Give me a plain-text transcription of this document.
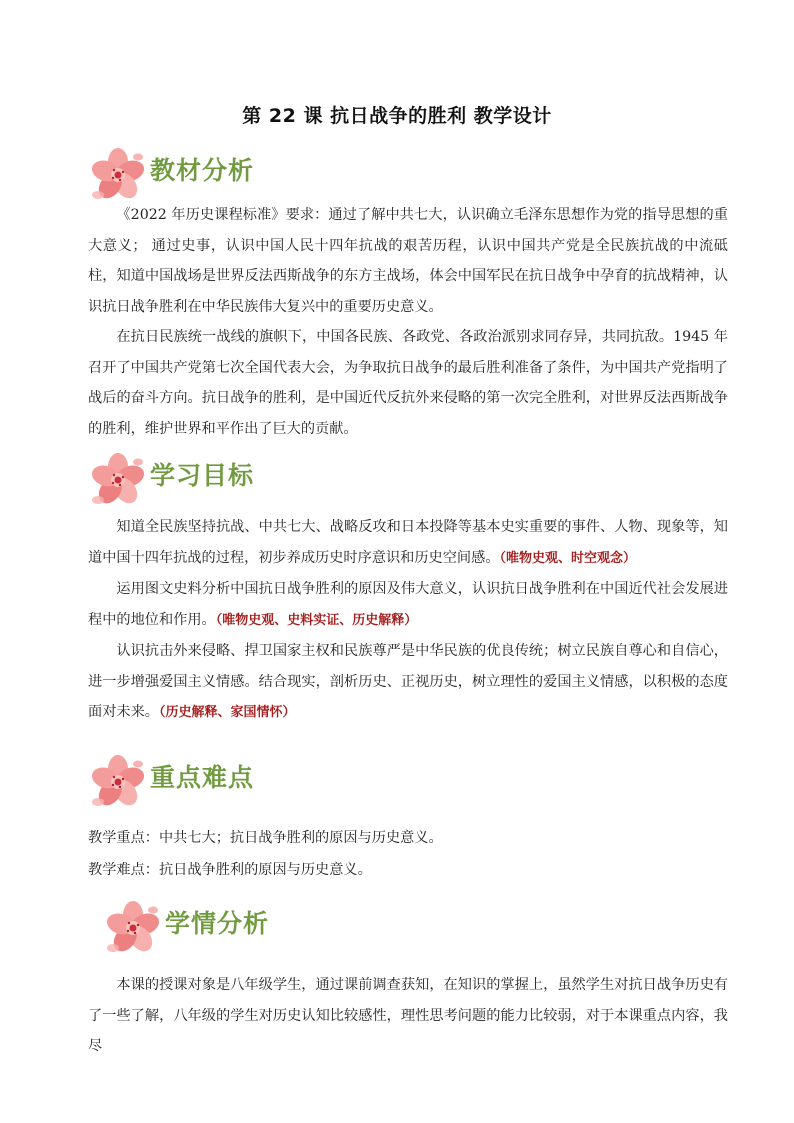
第 22 课 抗日战争的胜利 教学设计
教材分析

《2022 年历史课程标准》要求：通过了解中共七大，认识确立毛泽东思想作为党的指导思想的重大意义； 通过史事，认识中国人民十四年抗战的艰苦历程，认识中国共产党是全民族抗战的中流砥柱，知道中国战场是世界反法西斯战争的东方主战场，体会中国军民在抗日战争中孕育的抗战精神，认识抗日战争胜利在中华民族伟大复兴中的重要历史意义。

在抗日民族统一战线的旗帜下，中国各民族、各政党、各政治派别求同存异，共同抗敌。1945 年召开了中国共产党第七次全国代表大会，为争取抗日战争的最后胜利准备了条件，为中国共产党指明了战后的奋斗方向。抗日战争的胜利，是中国近代反抗外来侵略的第一次完全胜利，对世界反法西斯战争的胜利，维护世界和平作出了巨大的贡献。

学习目标

知道全民族坚持抗战、中共七大、战略反攻和日本投降等基本史实重要的事件、人物、现象等，知道中国十四年抗战的过程，初步养成历史时序意识和历史空间感。（唯物史观、时空观念）

运用图文史料分析中国抗日战争胜利的原因及伟大意义，认识抗日战争胜利在中国近代社会发展进程中的地位和作用。（唯物史观、史料实证、历史解释）

认识抗击外来侵略、捍卫国家主权和民族尊严是中华民族的优良传统；树立民族自尊心和自信心，进一步增强爱国主义情感。结合现实，剖析历史、正视历史，树立理性的爱国主义情感，以积极的态度面对未来。（历史解释、家国情怀）

重点难点

教学重点：中共七大；抗日战争胜利的原因与历史意义。

教学难点：抗日战争胜利的原因与历史意义。

学情分析

本课的授课对象是八年级学生，通过课前调查获知，在知识的掌握上，虽然学生对抗日战争历史有了一些了解，八年级的学生对历史认知比较感性，理性思考问题的能力比较弱，对于本课重点内容，我尽
